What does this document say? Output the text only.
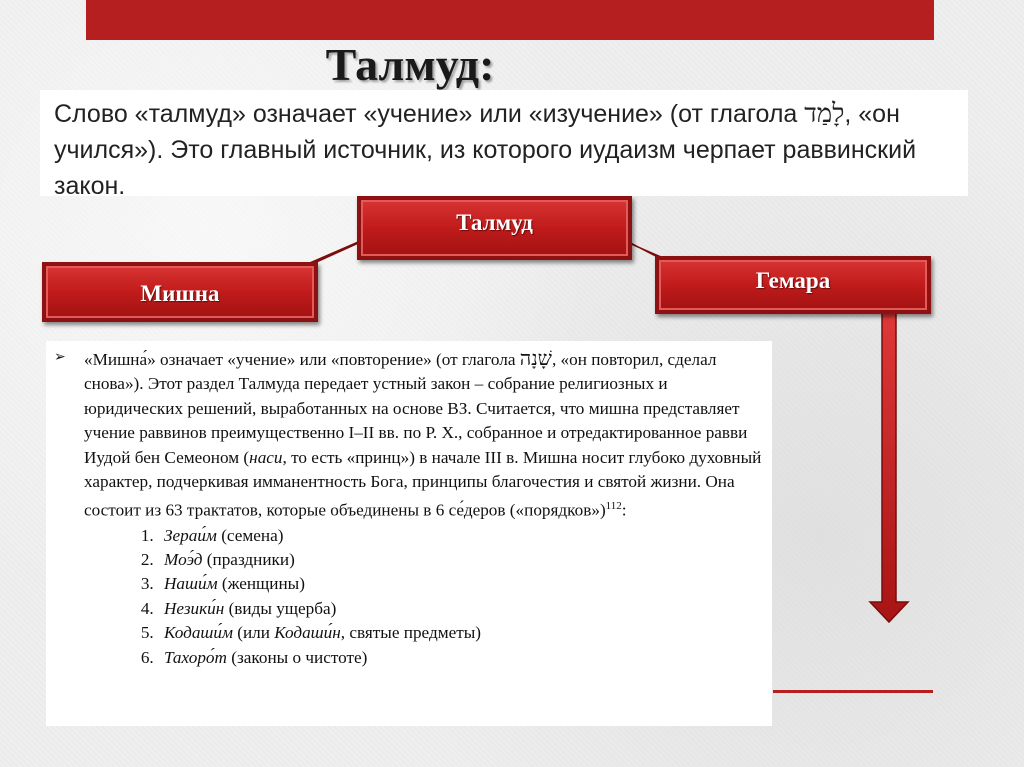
Талмуд:
Слово «талмуд» означает «учение» или «изучение» (от глагола לָמַד, «он учился»). Это главный источник, из которого иудаизм черпает раввинский закон.
Талмуд
Мишна
Гемара
➢	«Мишна́» означает «учение» или «повторение» (от глагола שָׁנָה, «он повторил, сделал снова»). Этот раздел Талмуда передает устный закон – собрание религиозных и юридических решений, выработанных на основе ВЗ. Считается, что мишна представляет учение раввинов преимущественно I–II вв. по Р. Х., собранное и отредактированное равви Иудой бен Семеоном (наси, то есть «принц») в начале III в. Мишна носит глубоко духовный характер, подчеркивая имманентность Бога, принципы благочестия и святой жизни. Она состоит из 63 трактатов, которые объединены в 6 се́деров («порядков»)$^{112}$:
1. Зераи́м (семена)
2. Моэ́д (праздники)
3. Наши́м (женщины)
4. Незики́н (виды ущерба)
5. Кодаши́м (или Кодаши́н, святые предметы)
6. Тахоро́т (законы о чистоте)
